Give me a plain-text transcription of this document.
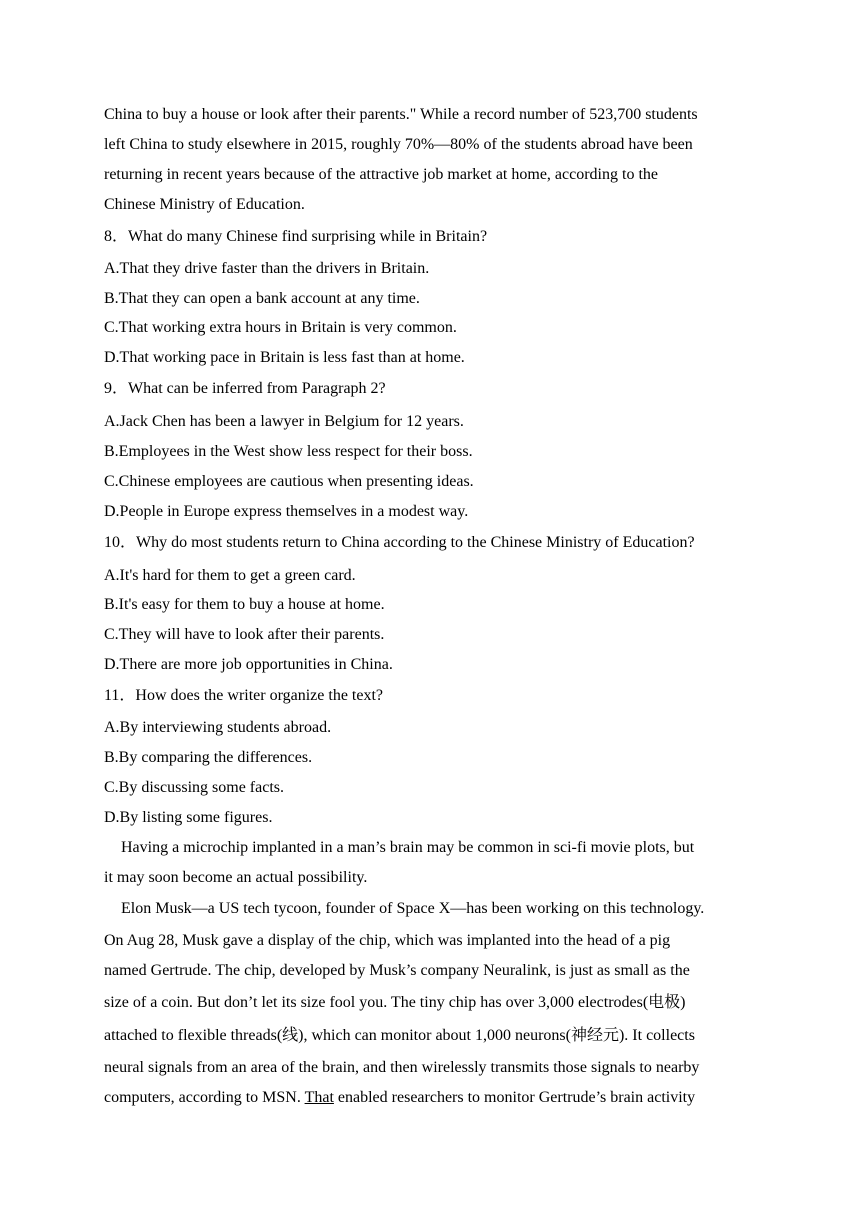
China to buy a house or look after their parents." While a record number of 523,700 students
left China to study elsewhere in 2015, roughly 70%—80% of the students abroad have been
returning in recent years because of the attractive job market at home, according to the
Chinese Ministry of Education.
8．What do many Chinese find surprising while in Britain?
A.That they drive faster than the drivers in Britain.
B.That they can open a bank account at any time.
C.That working extra hours in Britain is very common.
D.That working pace in Britain is less fast than at home.
9．What can be inferred from Paragraph 2?
A.Jack Chen has been a lawyer in Belgium for 12 years.
B.Employees in the West show less respect for their boss.
C.Chinese employees are cautious when presenting ideas.
D.People in Europe express themselves in a modest way.
10．Why do most students return to China according to the Chinese Ministry of Education?
A.It's hard for them to get a green card.
B.It's easy for them to buy a house at home.
C.They will have to look after their parents.
D.There are more job opportunities in China.
11．How does the writer organize the text?
A.By interviewing students abroad.
B.By comparing the differences.
C.By discussing some facts.
D.By listing some figures.
Having a microchip implanted in a man’s brain may be common in sci-fi movie plots, but
it may soon become an actual possibility.
Elon Musk—a US tech tycoon, founder of Space X—has been working on this technology.
On Aug 28, Musk gave a display of the chip, which was implanted into the head of a pig
named Gertrude. The chip, developed by Musk’s company Neuralink, is just as small as the
size of a coin. But don’t let its size fool you. The tiny chip has over 3,000 electrodes(电极)
attached to flexible threads(线), which can monitor about 1,000 neurons(神经元). It collects
neural signals from an area of the brain, and then wirelessly transmits those signals to nearby
computers, according to MSN. That enabled researchers to monitor Gertrude’s brain activity
